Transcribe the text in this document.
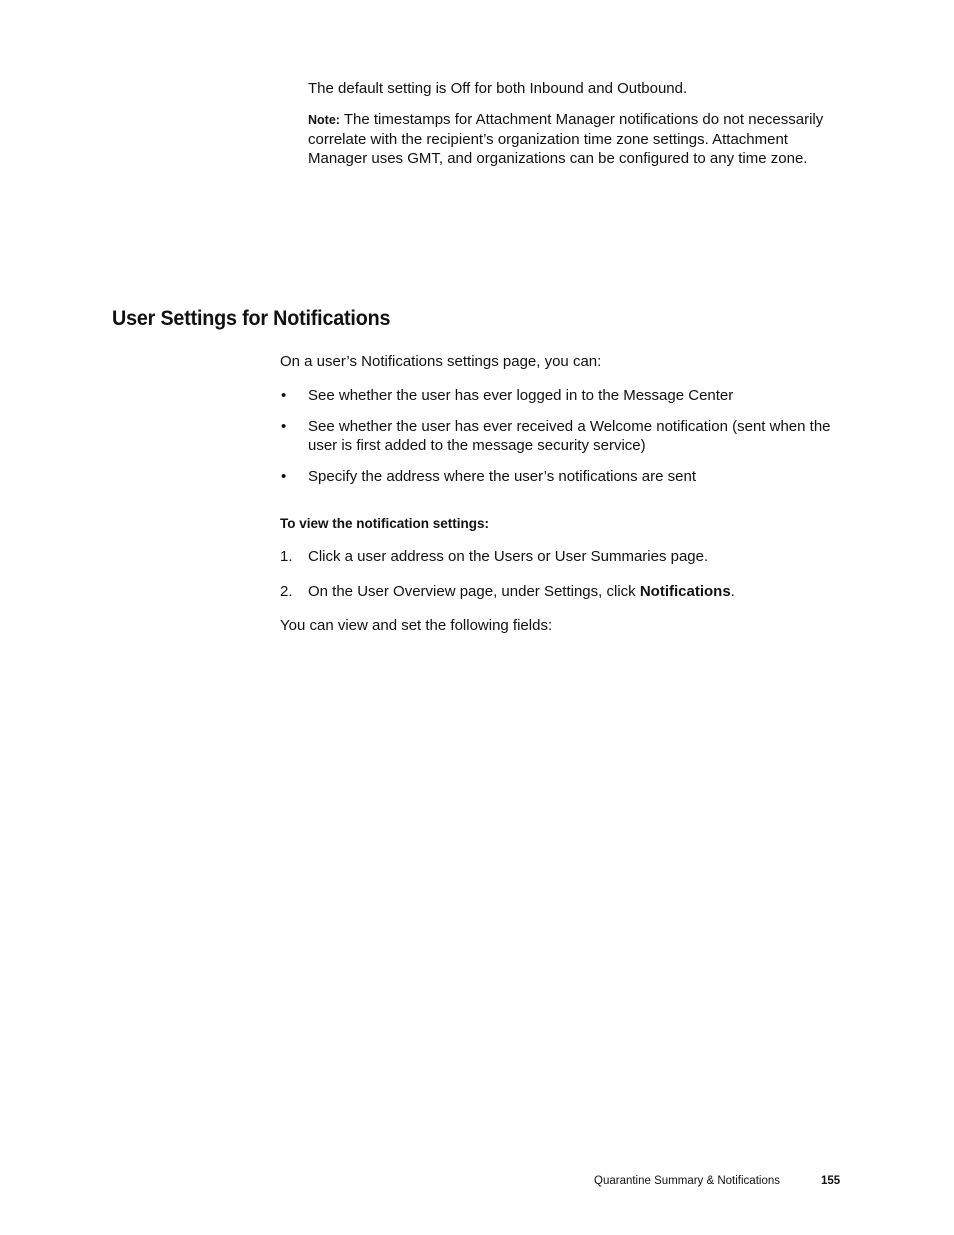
The default setting is Off for both Inbound and Outbound.

Note: The timestamps for Attachment Manager notifications do not necessarily correlate with the recipient’s organization time zone settings. Attachment Manager uses GMT, and organizations can be configured to any time zone.

User Settings for Notifications

On a user’s Notifications settings page, you can:

• See whether the user has ever logged in to the Message Center

• See whether the user has ever received a Welcome notification (sent when the user is first added to the message security service)

• Specify the address where the user’s notifications are sent

To view the notification settings:

1. Click a user address on the Users or User Summaries page.

2. On the User Overview page, under Settings, click Notifications.

You can view and set the following fields:

Quarantine Summary & Notifications	155
